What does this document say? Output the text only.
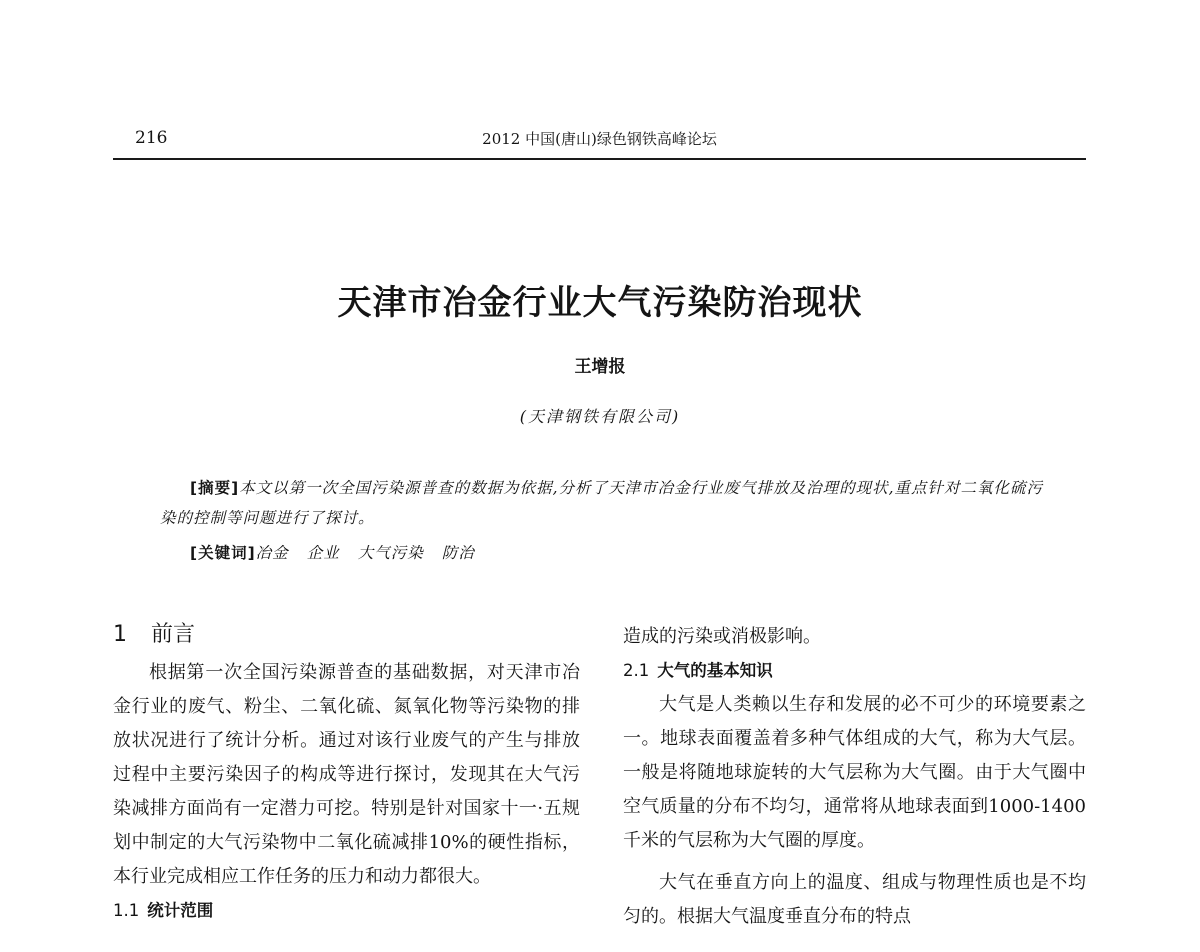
216	2012 中国(唐山)绿色钢铁高峰论坛
天津市冶金行业大气污染防治现状
王增报
(天津钢铁有限公司)
[摘要]本文以第一次全国污染源普查的数据为依据,分析了天津市冶金行业废气排放及治理的现状,重点针对二氧化硫污染的控制等问题进行了探讨。
[关键词]冶金 企业 大气污染 防治
1 前言

根据第一次全国污染源普查的基础数据，对天津市冶金行业的废气、粉尘、二氧化硫、氮氧化物等污染物的排放状况进行了统计分析。通过对该行业废气的产生与排放过程中主要污染因子的构成等进行探讨，发现其在大气污染减排方面尚有一定潜力可挖。特别是针对国家十一·五规划中制定的大气污染物中二氧化硫减排10%的硬性指标，本行业完成相应工作任务的压力和动力都很大。

1.1 统计范围

造成的污染或消极影响。

2.1 大气的基本知识

大气是人类赖以生存和发展的必不可少的环境要素之一。地球表面覆盖着多种气体组成的大气，称为大气层。一般是将随地球旋转的大气层称为大气圈。由于大气圈中空气质量的分布不均匀，通常将从地球表面到1000-1400千米的气层称为大气圈的厚度。

大气在垂直方向上的温度、组成与物理性质也是不均匀的。根据大气温度垂直分布的特点
